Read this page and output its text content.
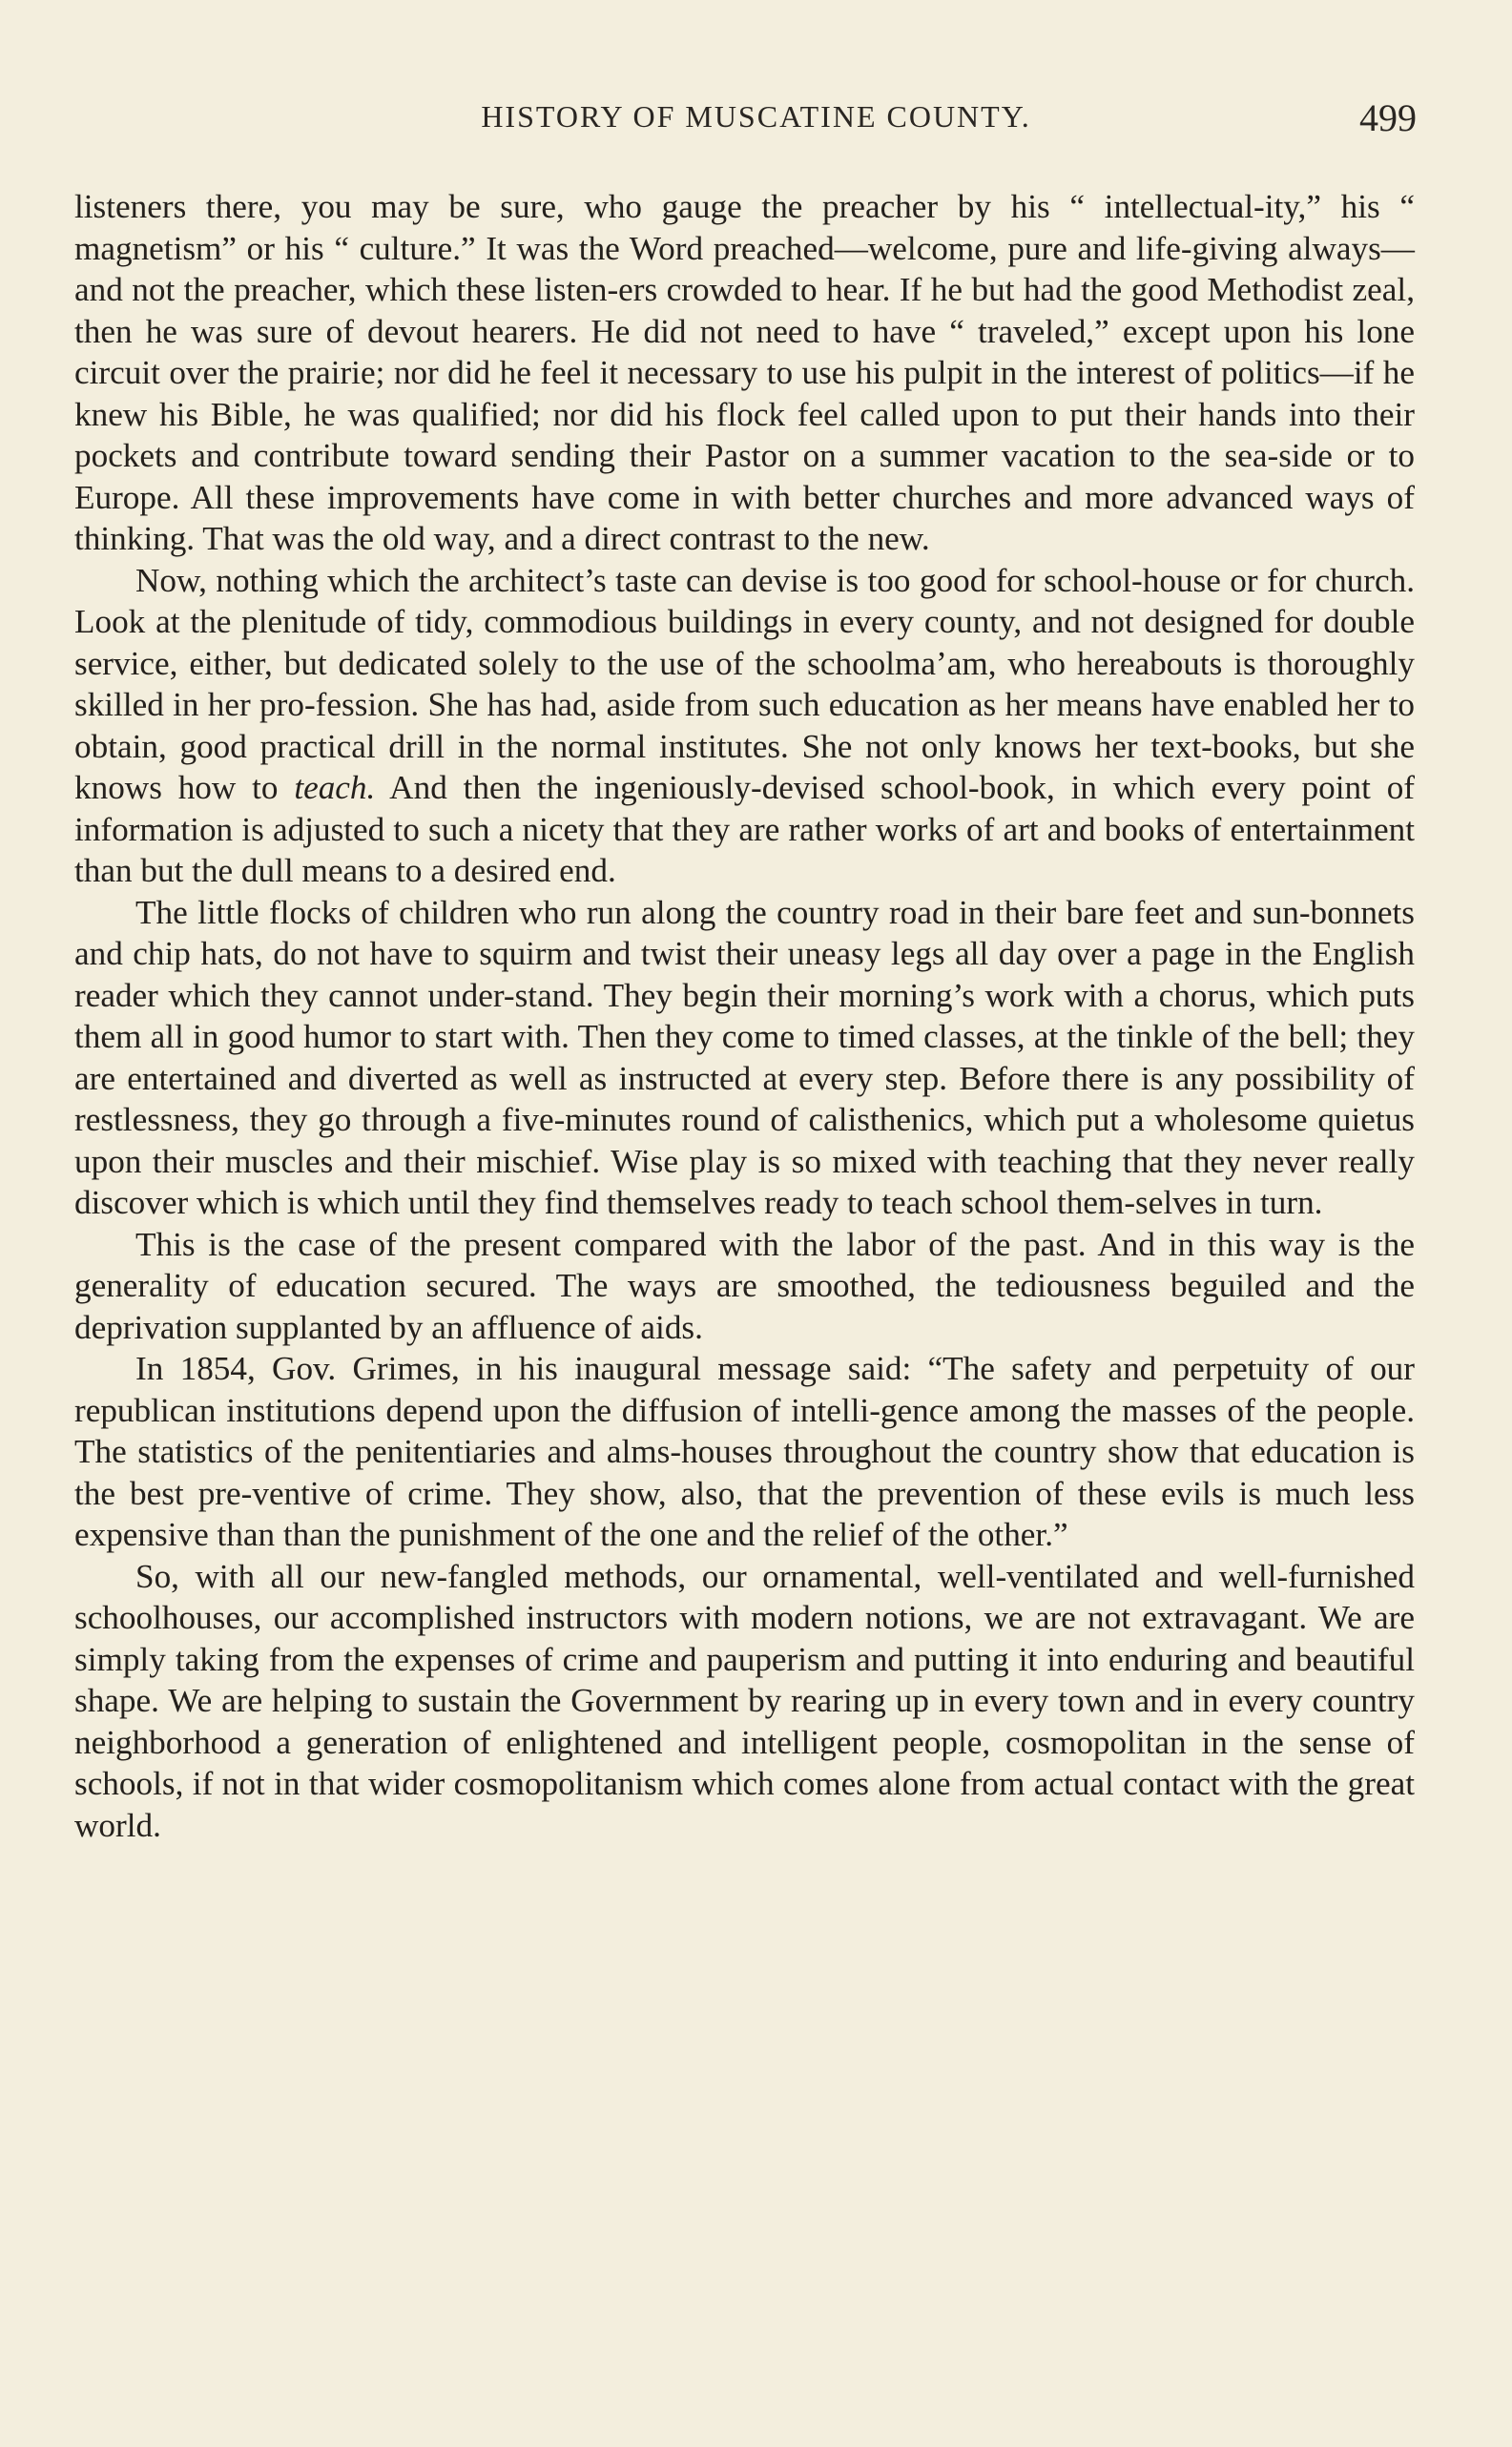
HISTORY OF MUSCATINE COUNTY.	499

listeners there, you may be sure, who gauge the preacher by his “ intellectual-ity,” his “ magnetism” or his “ culture.” It was the Word preached—welcome, pure and life-giving always—and not the preacher, which these listen-ers crowded to hear. If he but had the good Methodist zeal, then he was sure of devout hearers. He did not need to have “ traveled,” except upon his lone circuit over the prairie; nor did he feel it necessary to use his pulpit in the interest of politics—if he knew his Bible, he was qualified; nor did his flock feel called upon to put their hands into their pockets and contribute toward sending their Pastor on a summer vacation to the sea-side or to Europe. All these improvements have come in with better churches and more advanced ways of thinking. That was the old way, and a direct contrast to the new.

Now, nothing which the architect’s taste can devise is too good for school-house or for church. Look at the plenitude of tidy, commodious buildings in every county, and not designed for double service, either, but dedicated solely to the use of the schoolma’am, who hereabouts is thoroughly skilled in her pro-fession. She has had, aside from such education as her means have enabled her to obtain, good practical drill in the normal institutes. She not only knows her text-books, but she knows how to teach. And then the ingeniously-devised school-book, in which every point of information is adjusted to such a nicety that they are rather works of art and books of entertainment than but the dull means to a desired end.

The little flocks of children who run along the country road in their bare feet and sun-bonnets and chip hats, do not have to squirm and twist their uneasy legs all day over a page in the English reader which they cannot under-stand. They begin their morning’s work with a chorus, which puts them all in good humor to start with. Then they come to timed classes, at the tinkle of the bell; they are entertained and diverted as well as instructed at every step. Before there is any possibility of restlessness, they go through a five-minutes round of calisthenics, which put a wholesome quietus upon their muscles and their mischief. Wise play is so mixed with teaching that they never really discover which is which until they find themselves ready to teach school them-selves in turn.

This is the case of the present compared with the labor of the past. And in this way is the generality of education secured. The ways are smoothed, the tediousness beguiled and the deprivation supplanted by an affluence of aids.

In 1854, Gov. Grimes, in his inaugural message said: “The safety and perpetuity of our republican institutions depend upon the diffusion of intelli-gence among the masses of the people. The statistics of the penitentiaries and alms-houses throughout the country show that education is the best pre-ventive of crime. They show, also, that the prevention of these evils is much less expensive than than the punishment of the one and the relief of the other.”

So, with all our new-fangled methods, our ornamental, well-ventilated and well-furnished schoolhouses, our accomplished instructors with modern notions, we are not extravagant. We are simply taking from the expenses of crime and pauperism and putting it into enduring and beautiful shape. We are helping to sustain the Government by rearing up in every town and in every country neighborhood a generation of enlightened and intelligent people, cosmopolitan in the sense of schools, if not in that wider cosmopolitanism which comes alone from actual contact with the great world.
